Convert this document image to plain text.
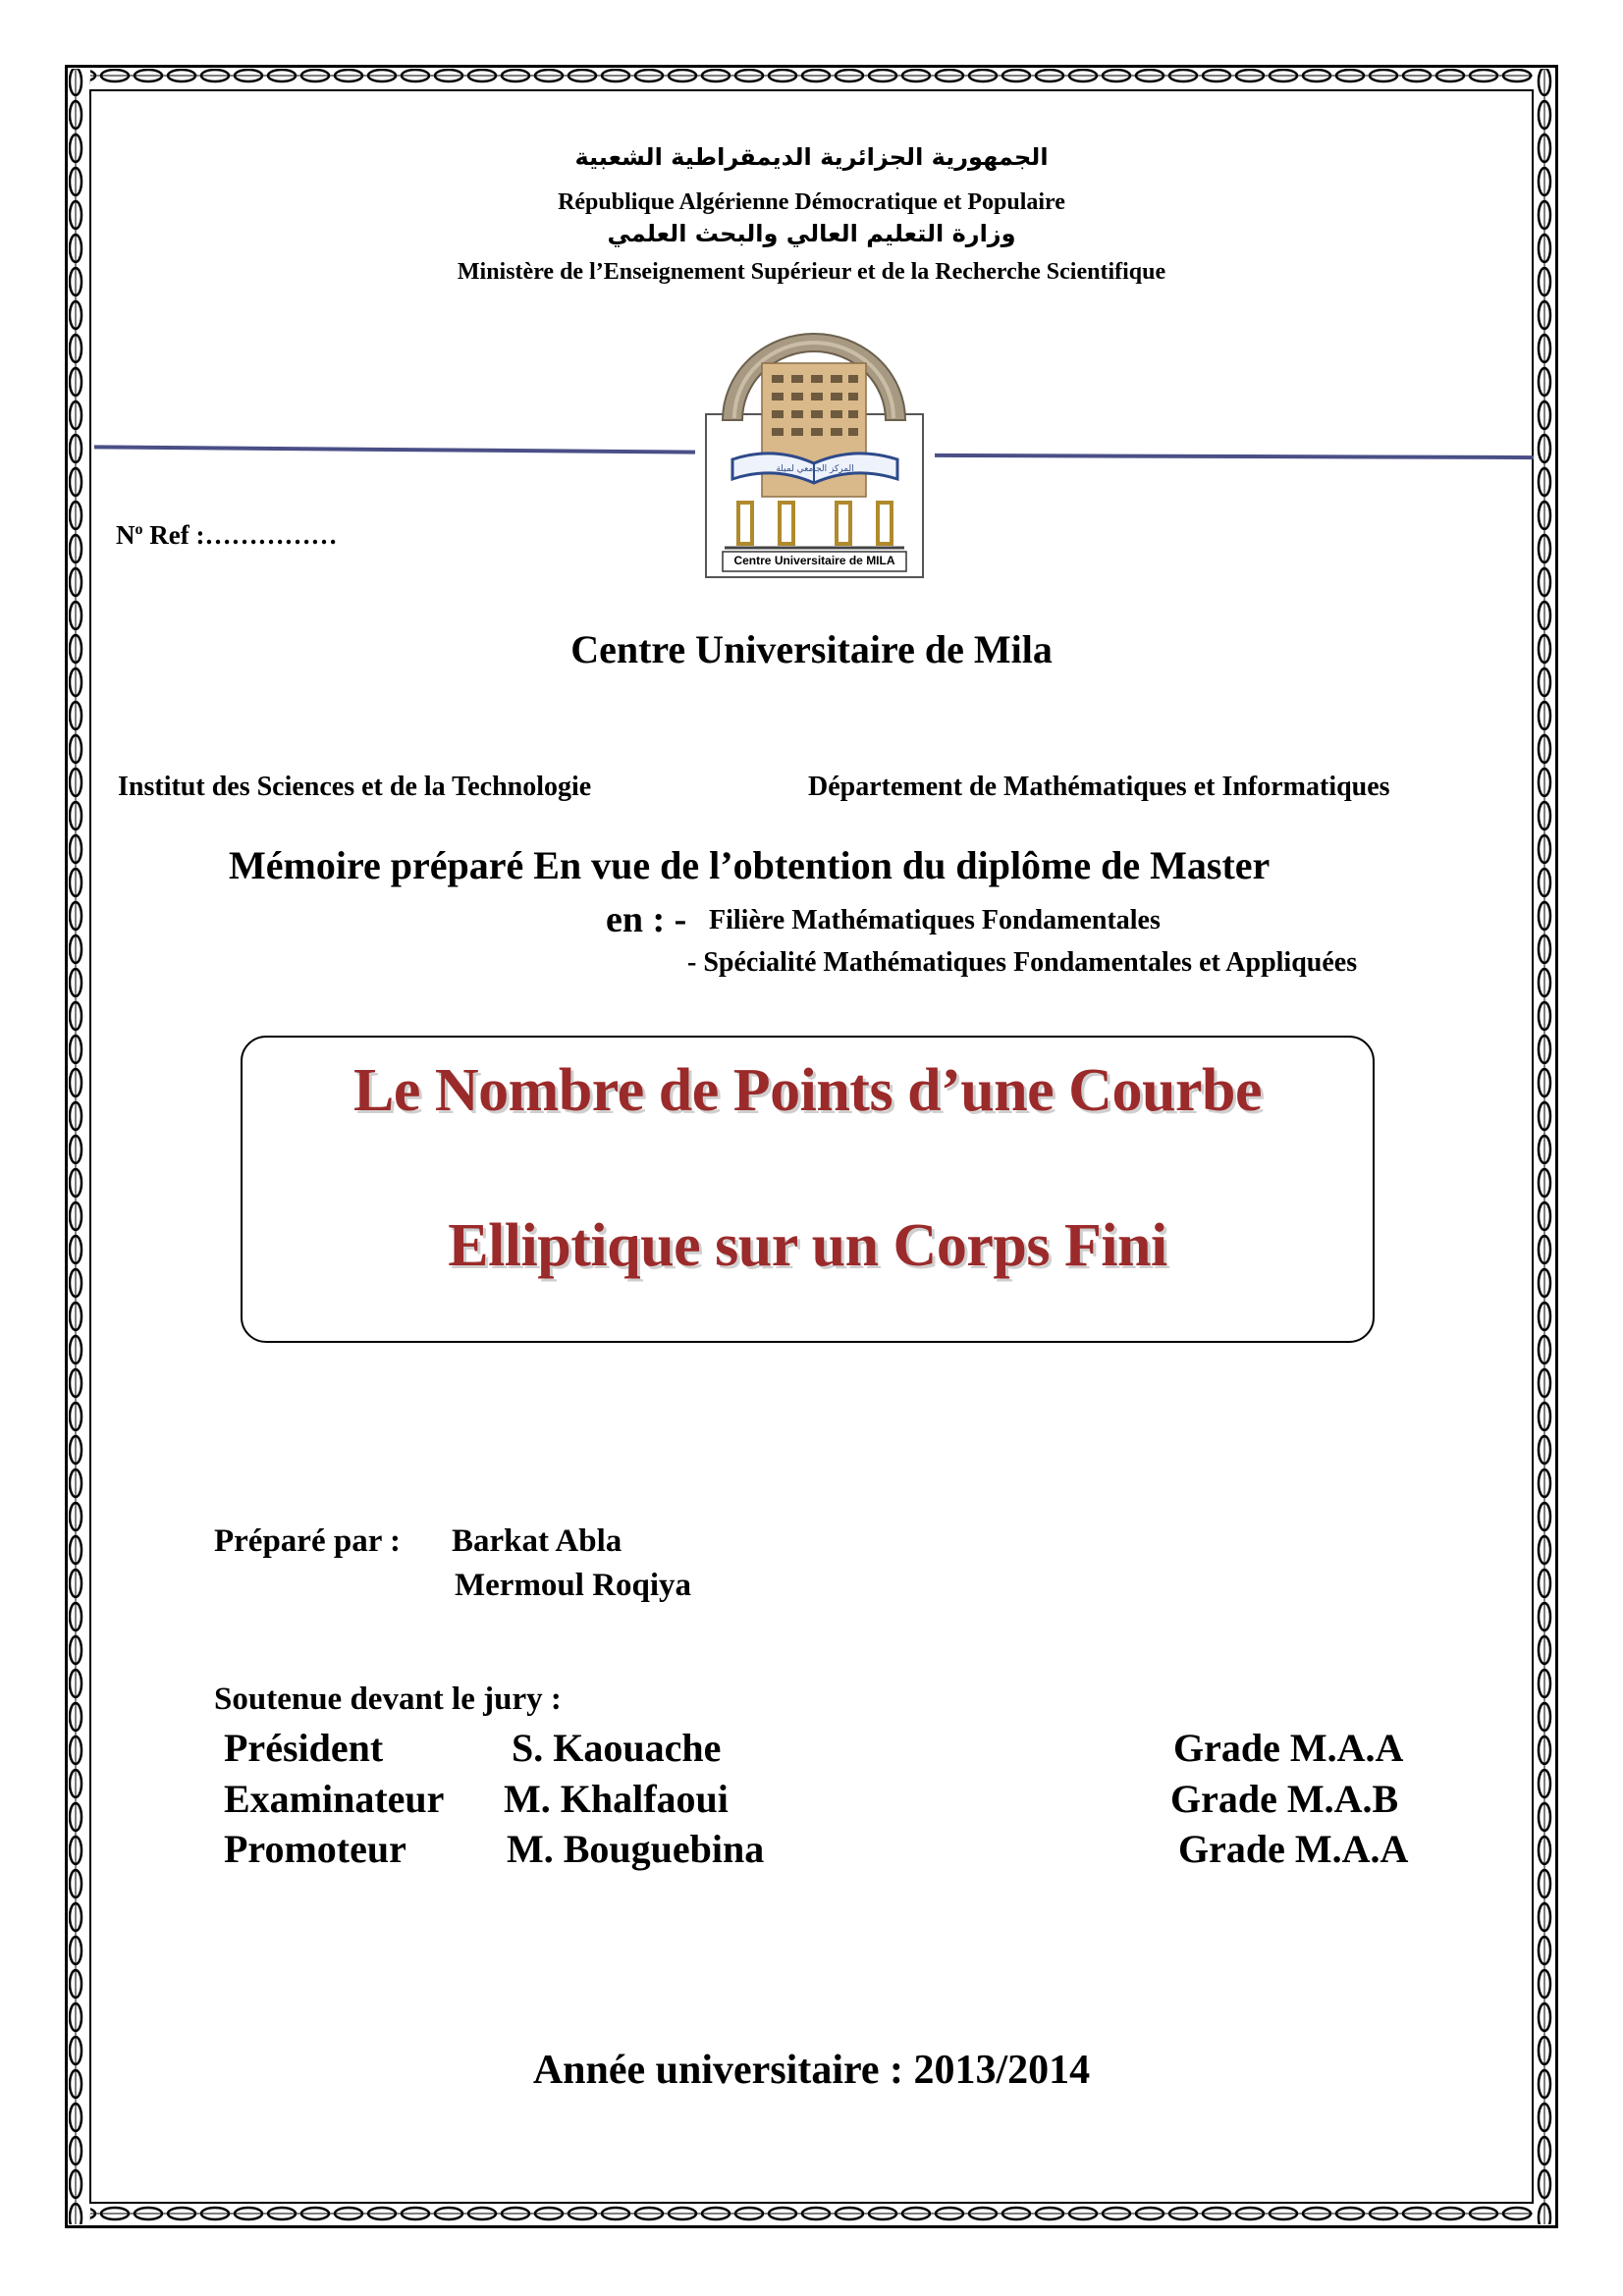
الجمهورية الجزائرية الديمقراطية الشعبية
République Algérienne Démocratique et Populaire
وزارة التعليم العالي والبحث العلمي
Ministère de l’Enseignement Supérieur et de la Recherche Scientifique
المركز الجامعي لميلة
Centre Universitaire de MILA
$N^o$ Ref :……………
Centre Universitaire de Mila
Institut des Sciences et de la Technologie	Département de Mathématiques et Informatiques
Mémoire préparé En vue de l’obtention du diplôme de Master
en : - Filière Mathématiques Fondamentales
- Spécialité Mathématiques Fondamentales et Appliquées
Le Nombre de Points d’une Courbe
Elliptique sur un Corps Fini
Préparé par : Barkat Abla
Mermoul Roqiya
Soutenue devant le jury :
Président	S. Kaouache	Grade M.A.A
Examinateur M. Khalfaoui	Grade M.A.B
Promoteur	M. Bouguebina	Grade M.A.A
Année universitaire : 2013/2014
